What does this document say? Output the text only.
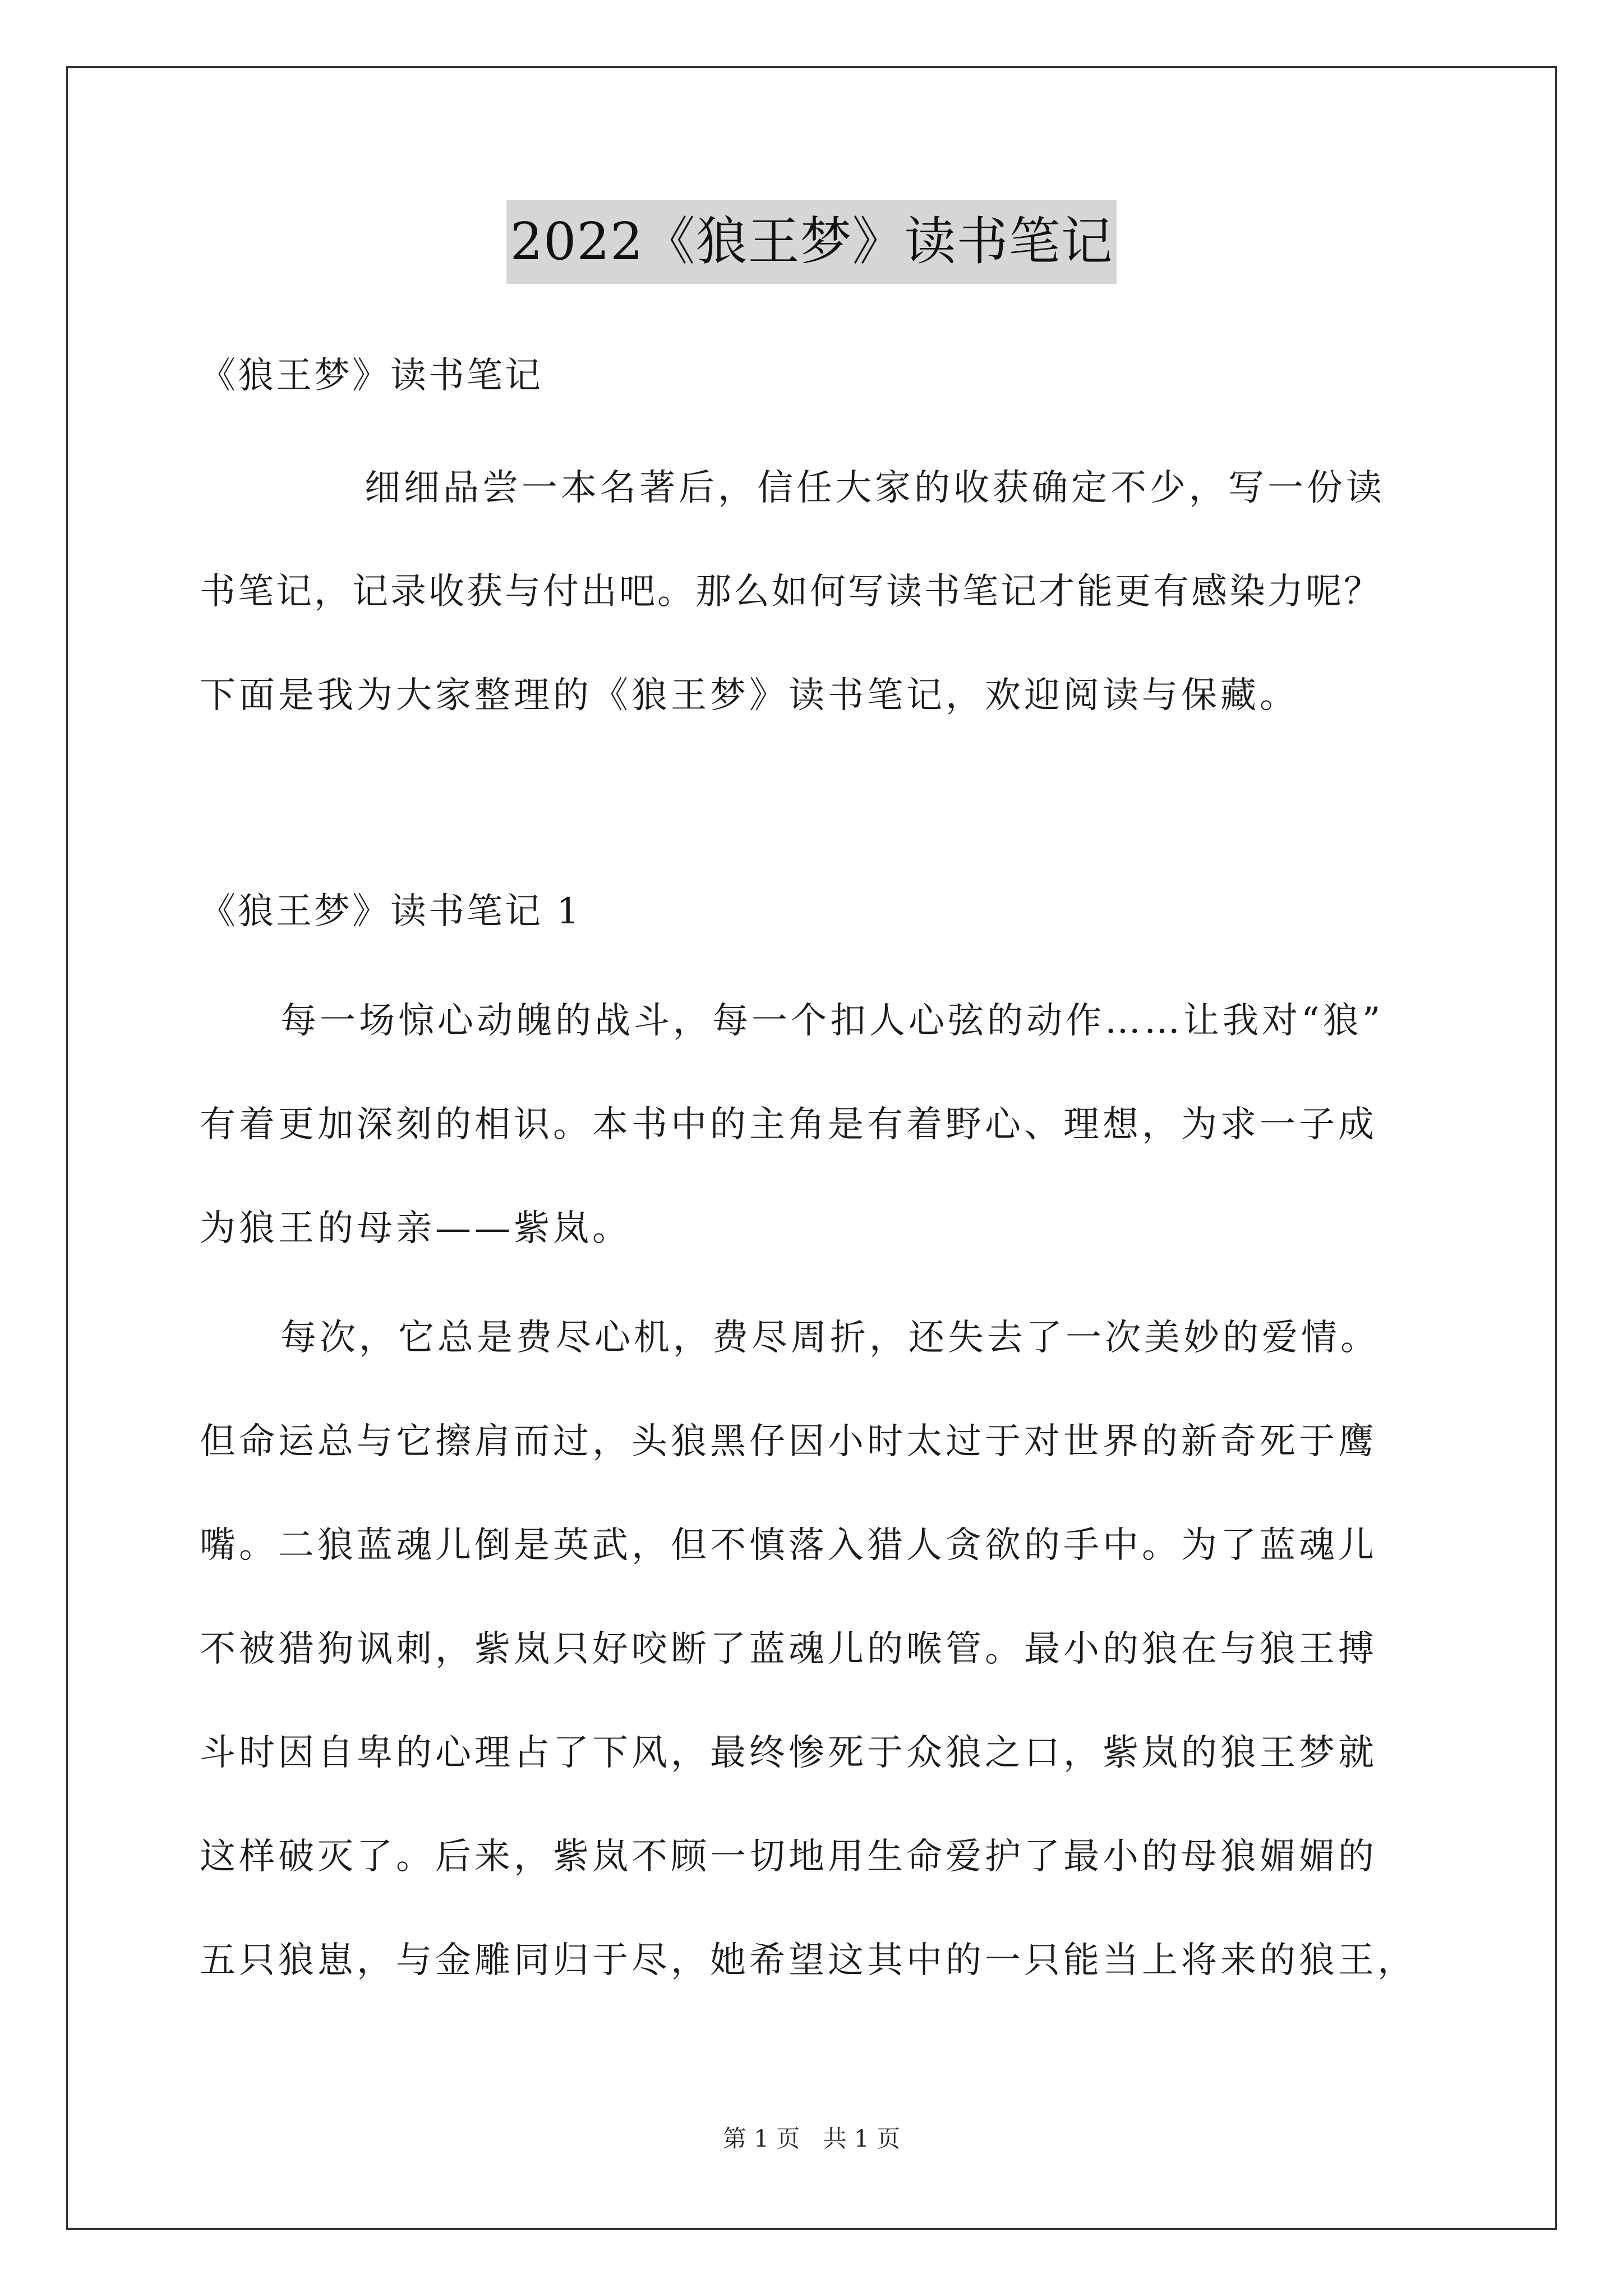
2022《狼王梦》读书笔记
《狼王梦》读书笔记
细细品尝一本名著后，信任大家的收获确定不少，写一份读
书笔记，记录收获与付出吧。那么如何写读书笔记才能更有感染力呢？
下面是我为大家整理的《狼王梦》读书笔记，欢迎阅读与保藏。
《狼王梦》读书笔记 1
每一场惊心动魄的战斗，每一个扣人心弦的动作……让我对“狼”
有着更加深刻的相识。本书中的主角是有着野心、理想，为求一子成
为狼王的母亲——紫岚。
每次，它总是费尽心机，费尽周折，还失去了一次美妙的爱情。
但命运总与它擦肩而过，头狼黑仔因小时太过于对世界的新奇死于鹰
嘴。二狼蓝魂儿倒是英武，但不慎落入猎人贪欲的手中。为了蓝魂儿
不被猎狗讽刺，紫岚只好咬断了蓝魂儿的喉管。最小的狼在与狼王搏
斗时因自卑的心理占了下风，最终惨死于众狼之口，紫岚的狼王梦就
这样破灭了。后来，紫岚不顾一切地用生命爱护了最小的母狼媚媚的
五只狼崽，与金雕同归于尽，她希望这其中的一只能当上将来的狼王，
第 1 页 共 1 页
